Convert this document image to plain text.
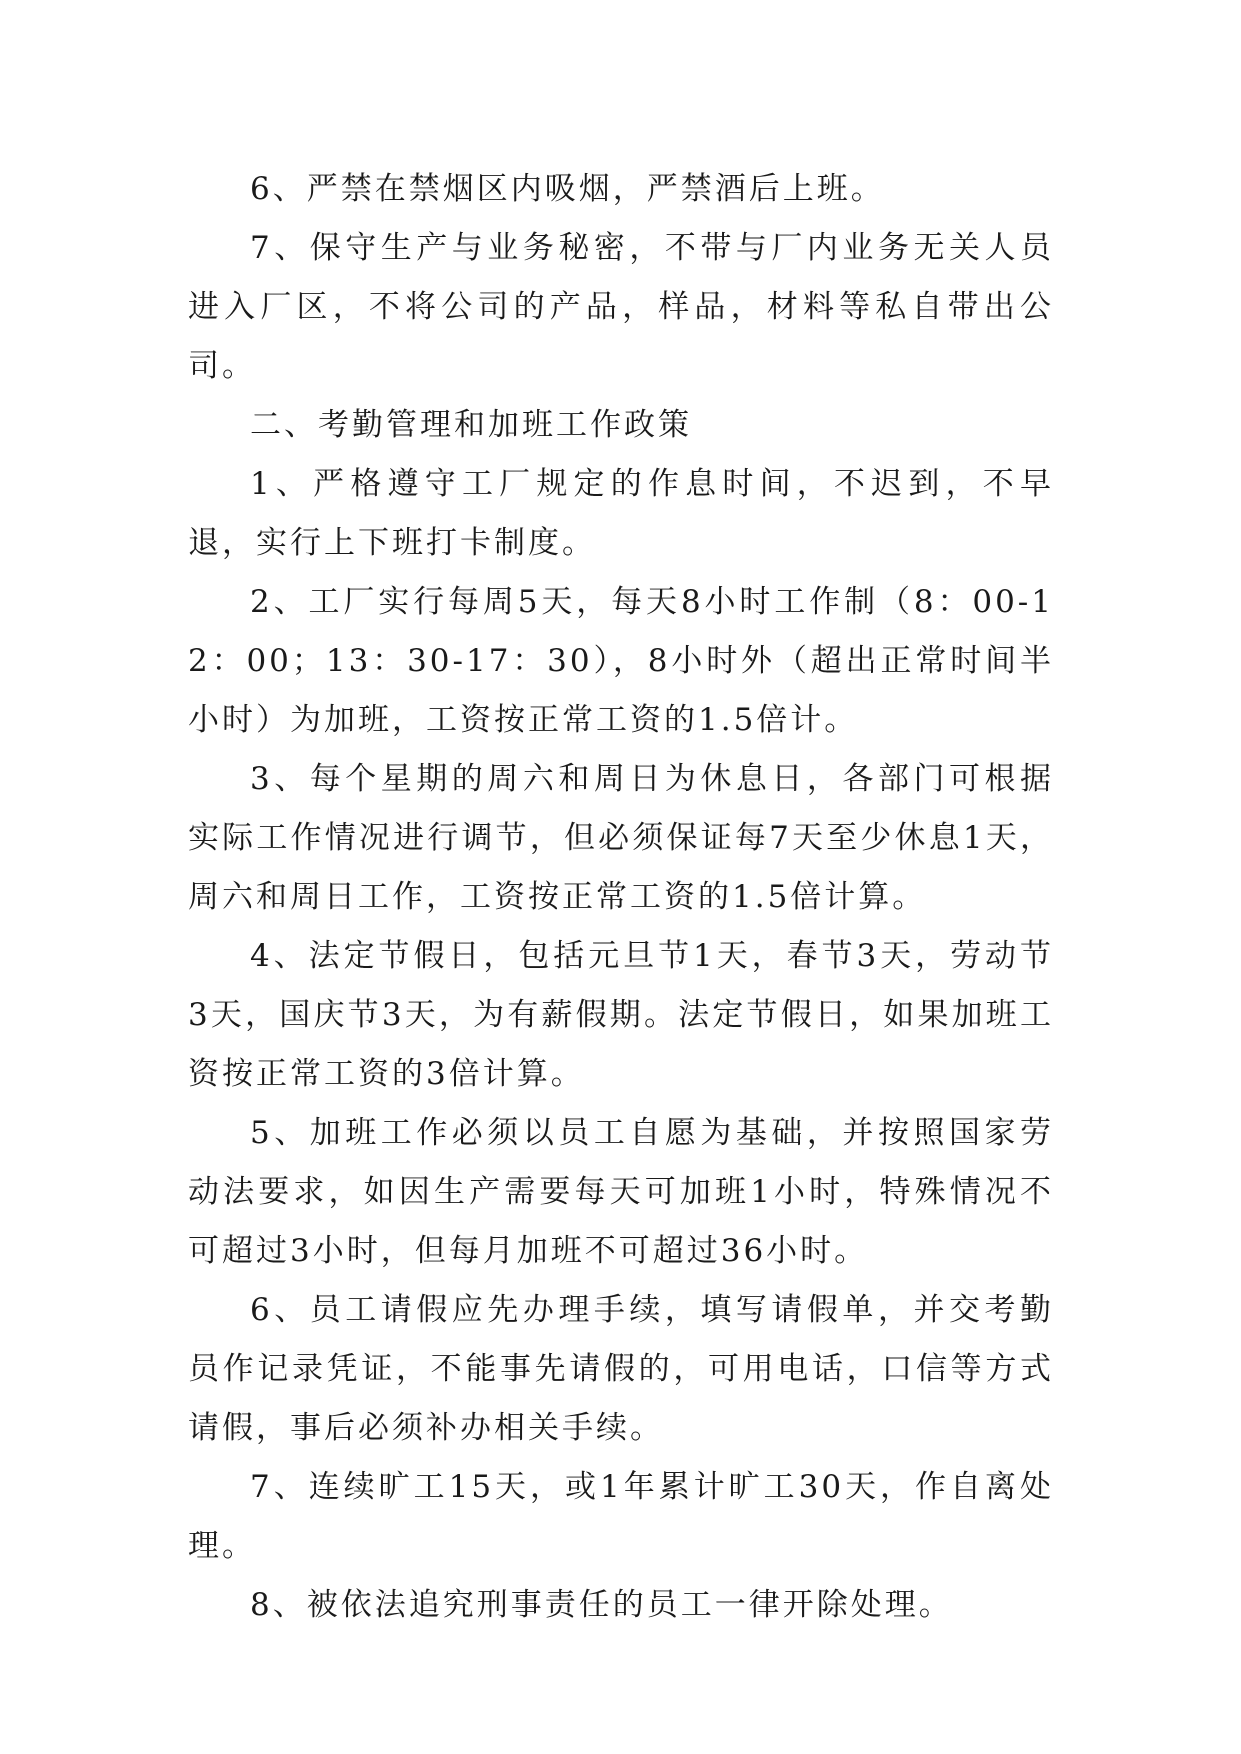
6、严禁在禁烟区内吸烟，严禁酒后上班。

7、保守生产与业务秘密，不带与厂内业务无关人员进入厂区，不将公司的产品，样品，材料等私自带出公司。

二、考勤管理和加班工作政策

1、严格遵守工厂规定的作息时间，不迟到，不早退，实行上下班打卡制度。

2、工厂实行每周5天，每天8小时工作制（8：00-12：00；13：30-17：30），8小时外（超出正常时间半小时）为加班，工资按正常工资的1.5倍计。

3、每个星期的周六和周日为休息日，各部门可根据实际工作情况进行调节，但必须保证每7天至少休息1天，周六和周日工作，工资按正常工资的1.5倍计算。

4、法定节假日，包括元旦节1天，春节3天，劳动节3天，国庆节3天，为有薪假期。法定节假日，如果加班工资按正常工资的3倍计算。

5、加班工作必须以员工自愿为基础，并按照国家劳动法要求，如因生产需要每天可加班1小时，特殊情况不可超过3小时，但每月加班不可超过36小时。

6、员工请假应先办理手续，填写请假单，并交考勤员作记录凭证，不能事先请假的，可用电话，口信等方式请假，事后必须补办相关手续。

7、连续旷工15天，或1年累计旷工30天，作自离处理。

8、被依法追究刑事责任的员工一律开除处理。
